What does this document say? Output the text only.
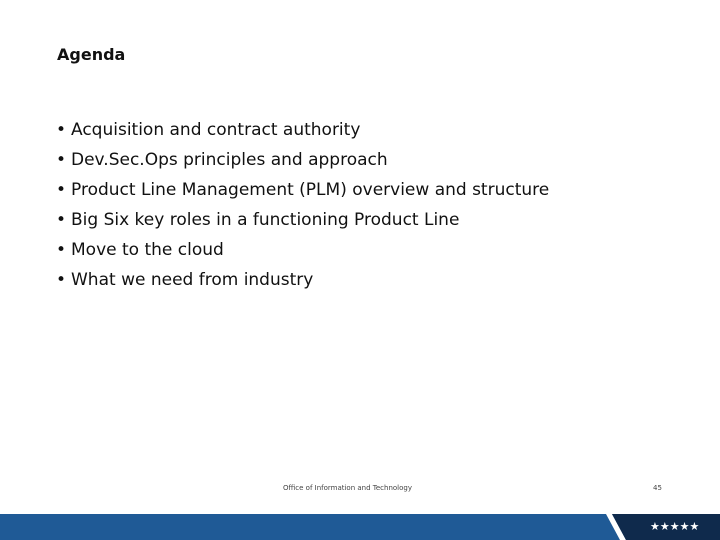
Agenda
• Acquisition and contract authority
• Dev.Sec.Ops principles and approach
• Product Line Management (PLM) overview and structure
• Big Six key roles in a functioning Product Line
• Move to the cloud
• What we need from industry
Office of Information and Technology	45
★★★★★
